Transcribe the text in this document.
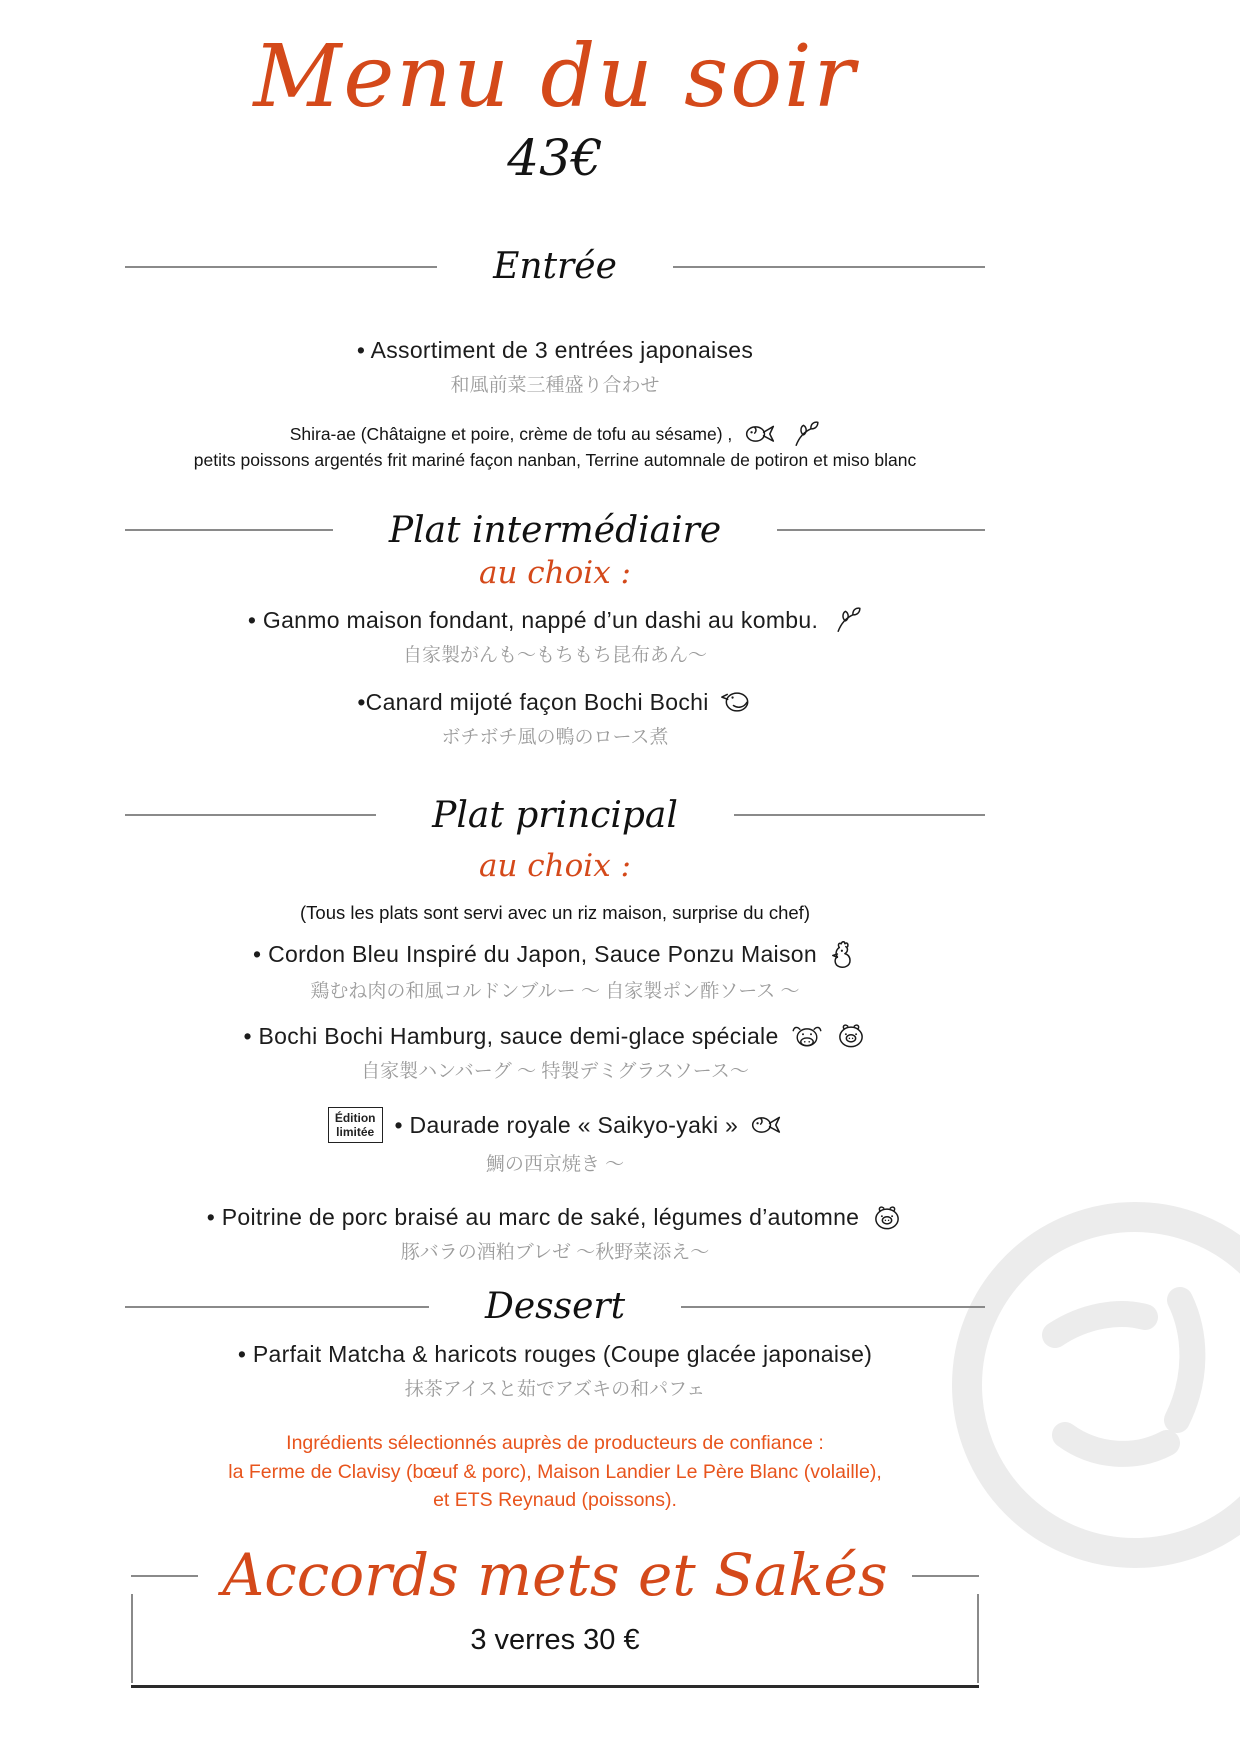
Menu du soir
43€
Entrée
• Assortiment de 3 entrées japonaises
和風前菜三種盛り合わせ
Shira-ae (Châtaigne et poire, crème de tofu au sésame) ,
petits poissons argentés frit mariné façon nanban, Terrine automnale de potiron et miso blanc
Plat intermédiaire
au choix :
• Ganmo maison fondant, nappé d’un dashi au kombu.
自家製がんも〜もちもち昆布あん〜
•Canard mijoté façon Bochi Bochi
ボチボチ風の鴨のロース煮
Plat principal
au choix :
(Tous les plats sont servi avec un riz maison, surprise du chef)
• Cordon Bleu Inspiré du Japon, Sauce Ponzu Maison
鶏むね肉の和風コルドンブルー 〜 自家製ポン酢ソース 〜
• Bochi Bochi Hamburg, sauce demi-glace spéciale
自家製ハンバーグ 〜 特製デミグラスソース〜
Édition
limitée • Daurade royale « Saikyo-yaki »
鯛の西京焼き 〜
• Poitrine de porc braisé au marc de saké, légumes d’automne
豚バラの酒粕ブレゼ 〜秋野菜添え〜
Dessert
• Parfait Matcha & haricots rouges (Coupe glacée japonaise)
抹茶アイスと茹でアズキの和パフェ
Ingrédients sélectionnés auprès de producteurs de confiance :
la Ferme de Clavisy (bœuf & porc), Maison Landier Le Père Blanc (volaille),
et ETS Reynaud (poissons).
Accords mets et Sakés
3 verres 30 €
